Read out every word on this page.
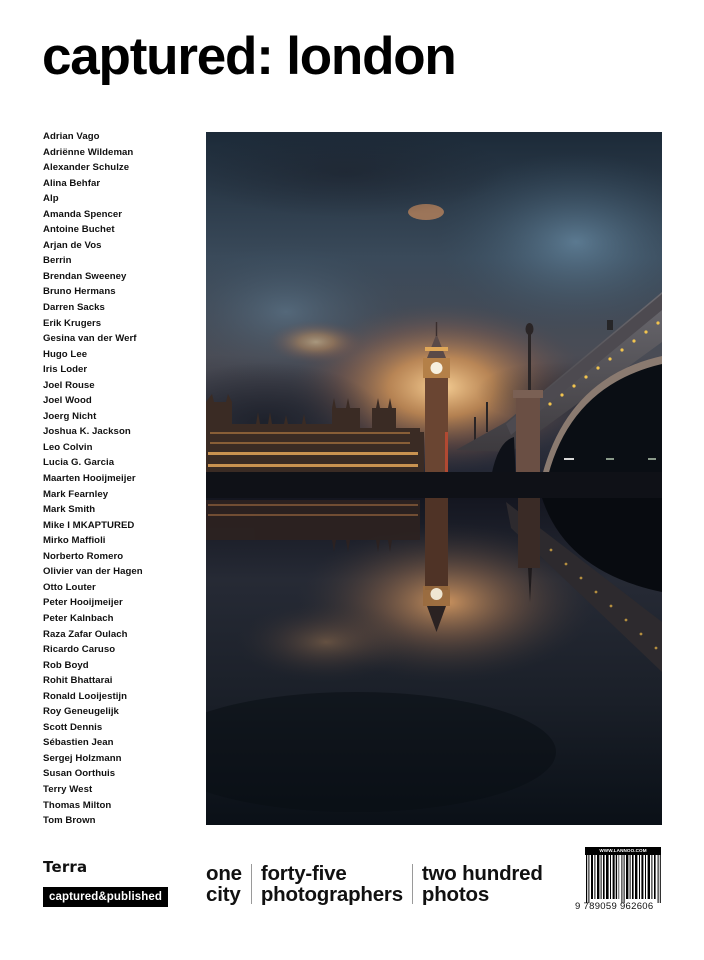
captured: london
Adrian Vago
Adriënne Wildeman
Alexander Schulze
Alina Behfar
Alp
Amanda Spencer
Antoine Buchet
Arjan de Vos
Berrin
Brendan Sweeney
Bruno Hermans
Darren Sacks
Erik Krugers
Gesina van der Werf
Hugo Lee
Iris Loder
Joel Rouse
Joel Wood
Joerg Nicht
Joshua K. Jackson
Leo Colvin
Lucia G. Garcia
Maarten Hooijmeijer
Mark Fearnley
Mark Smith
Mike I MKAPTURED
Mirko Maffioli
Norberto Romero
Olivier van der Hagen
Otto Louter
Peter Hooijmeijer
Peter Kalnbach
Raza Zafar Oulach
Ricardo Caruso
Rob Boyd
Rohit Bhattarai
Ronald Looijestijn
Roy Geneugelijk
Scott Dennis
Sébastien Jean
Sergej Holzmann
Susan Oorthuis
Terry West
Thomas Milton
Tom Brown
Terra
captured&published
one
city
forty-five
photographers
two hundred
photos
WWW.LANNOO.COM
9 789059 962606
